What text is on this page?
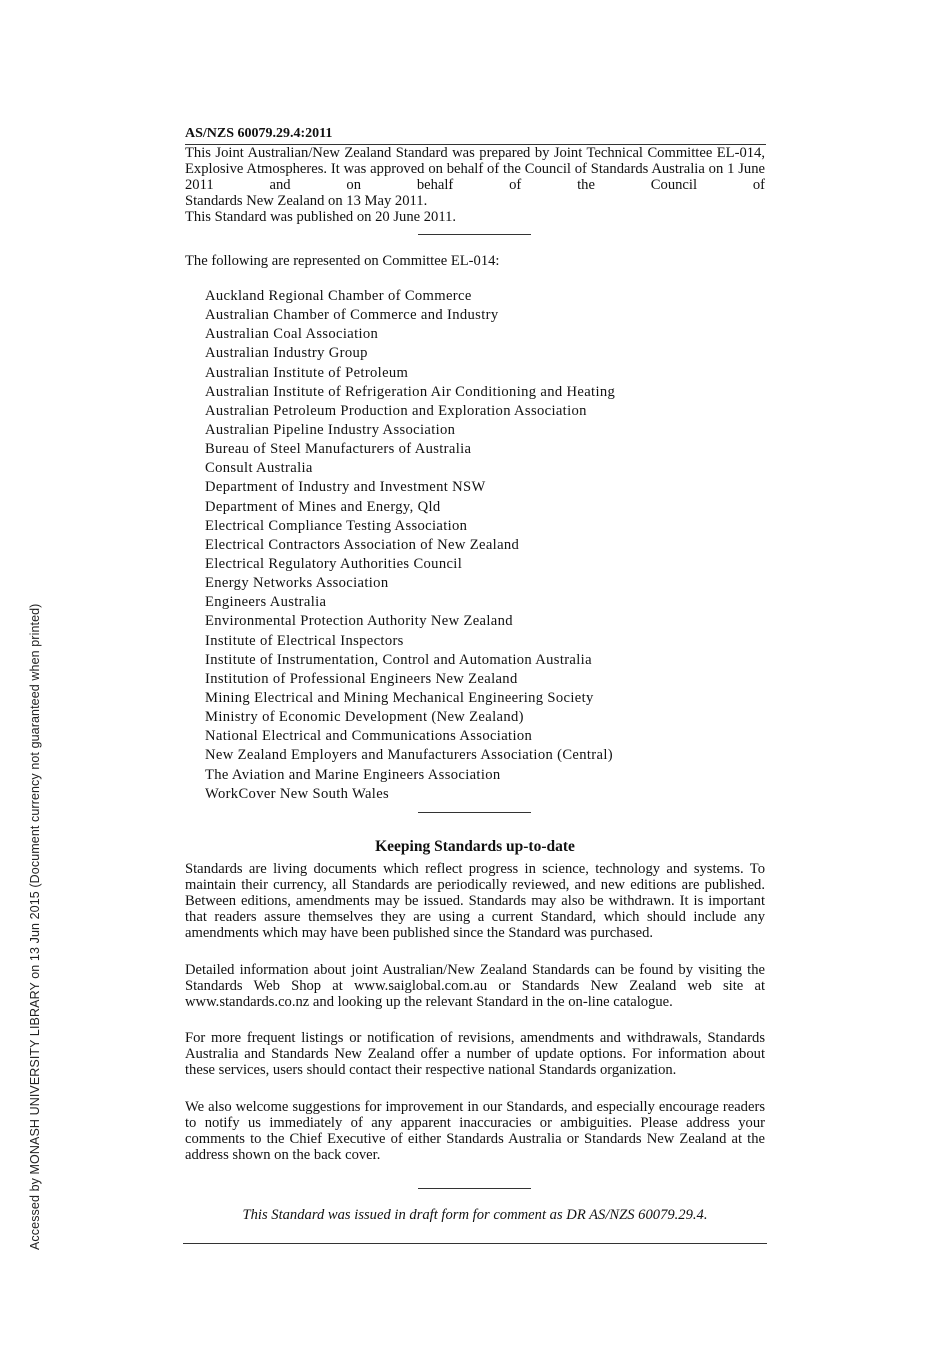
Accessed by MONASH UNIVERSITY LIBRARY on 13 Jun 2015 (Document currency not guaranteed when printed)
AS/NZS 60079.29.4:2011
This Joint Australian/New Zealand Standard was prepared by Joint Technical Committee EL-014, Explosive Atmospheres. It was approved on behalf of the Council of Standards Australia on 1 June 2011 and on behalf of the Council of
Standards New Zealand on 13 May 2011.
This Standard was published on 20 June 2011.
The following are represented on Committee EL-014:
Auckland Regional Chamber of Commerce
Australian Chamber of Commerce and Industry
Australian Coal Association
Australian Industry Group
Australian Institute of Petroleum
Australian Institute of Refrigeration Air Conditioning and Heating
Australian Petroleum Production and Exploration Association
Australian Pipeline Industry Association
Bureau of Steel Manufacturers of Australia
Consult Australia
Department of Industry and Investment NSW
Department of Mines and Energy, Qld
Electrical Compliance Testing Association
Electrical Contractors Association of New Zealand
Electrical Regulatory Authorities Council
Energy Networks Association
Engineers Australia
Environmental Protection Authority New Zealand
Institute of Electrical Inspectors
Institute of Instrumentation, Control and Automation Australia
Institution of Professional Engineers New Zealand
Mining Electrical and Mining Mechanical Engineering Society
Ministry of Economic Development (New Zealand)
National Electrical and Communications Association
New Zealand Employers and Manufacturers Association (Central)
The Aviation and Marine Engineers Association
WorkCover New South Wales
Keeping Standards up-to-date
Standards are living documents which reflect progress in science, technology and systems. To maintain their currency, all Standards are periodically reviewed, and new editions are published. Between editions, amendments may be issued. Standards may also be withdrawn. It is important that readers assure themselves they are using a current Standard, which should include any amendments which may have been published since the Standard was purchased.
Detailed information about joint Australian/New Zealand Standards can be found by visiting the Standards Web Shop at www.saiglobal.com.au or Standards New Zealand web site at www.standards.co.nz and looking up the relevant Standard in the on-line catalogue.
For more frequent listings or notification of revisions, amendments and withdrawals, Standards Australia and Standards New Zealand offer a number of update options. For information about these services, users should contact their respective national Standards organization.
We also welcome suggestions for improvement in our Standards, and especially encourage readers to notify us immediately of any apparent inaccuracies or ambiguities. Please address your comments to the Chief Executive of either Standards Australia or Standards New Zealand at the address shown on the back cover.
This Standard was issued in draft form for comment as DR AS/NZS 60079.29.4.
